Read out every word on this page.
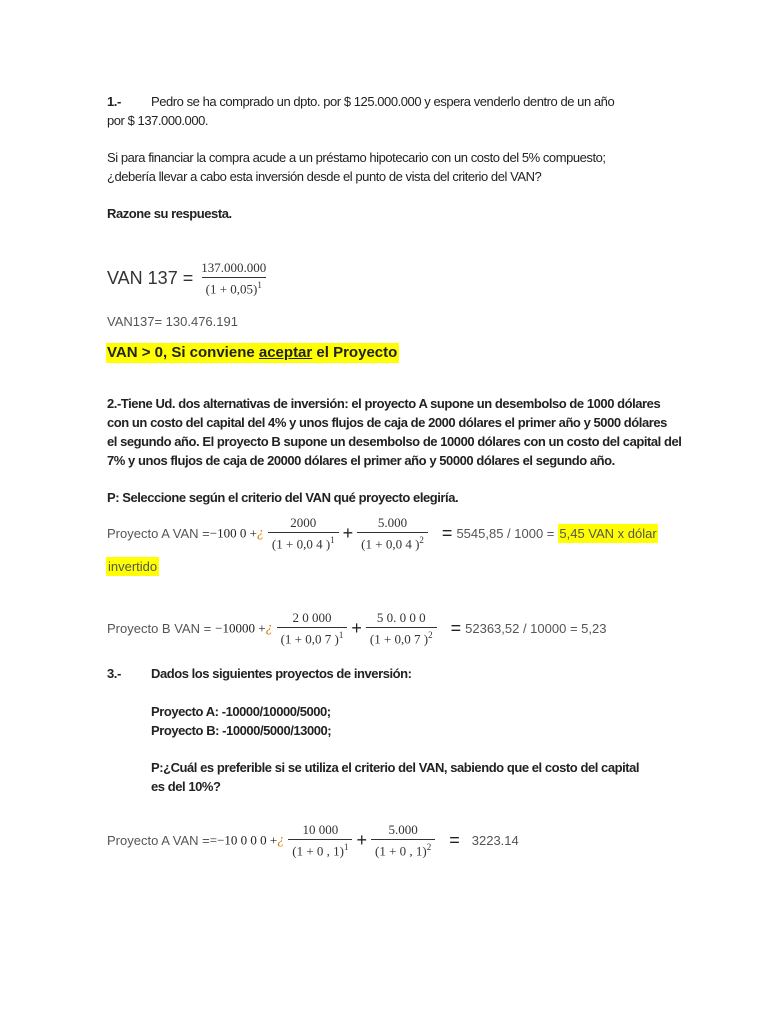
1.- Pedro se ha comprado un dpto. por $ 125.000.000 y espera venderlo dentro de un año
por $ 137.000.000.
Si para financiar la compra acude a un préstamo hipotecario con un costo del 5% compuesto;
¿debería llevar a cabo esta inversión desde el punto de vista del criterio del VAN?
Razone su respuesta.
VAN $137 = \frac{137.000.000}{(1 + 0,05)^1}$
VAN137= 130.476.191
VAN > 0, Si conviene aceptar el Proyecto
2.-Tiene Ud. dos alternativas de inversión: el proyecto A supone un desembolso de 1000 dólares
con un costo del capital del 4% y unos flujos de caja de 2000 dólares el primer año y 5000 dólares
el segundo año. El proyecto B supone un desembolso de 10000 dólares con un costo del capital del
7% y unos flujos de caja de 20000 dólares el primer año y 50000 dólares el segundo año.
P: Seleccione según el criterio del VAN qué proyecto elegiría.
Proyecto A VAN =−100 0 +¿ $\frac{2000}{(1 + 0,0 4 )^1} + \frac{5.000}{(1 + 0,0 4 )^2} = 5545,85 / 1000 = 5,45$ VAN x dólar
invertido
Proyecto B VAN = −10000 +¿ $\frac{2 0 000}{(1 + 0,0 7 )^1} + \frac{5 0. 0 0 0}{(1 + 0,0 7 )^2} = 52363,52 / 10000 = 5,23$
3.- Dados los siguientes proyectos de inversión:
Proyecto A: -10000/10000/5000;
Proyecto B: -10000/5000/13000;
P:¿Cuál es preferible si se utiliza el criterio del VAN, sabiendo que el costo del capital
es del 10%?
Proyecto A VAN ==−10 0 0 0 +¿ $\frac{10 000}{(1 + 0 , 1)^1} + \frac{5.000}{(1 + 0 , 1)^2} = 3223.14$
